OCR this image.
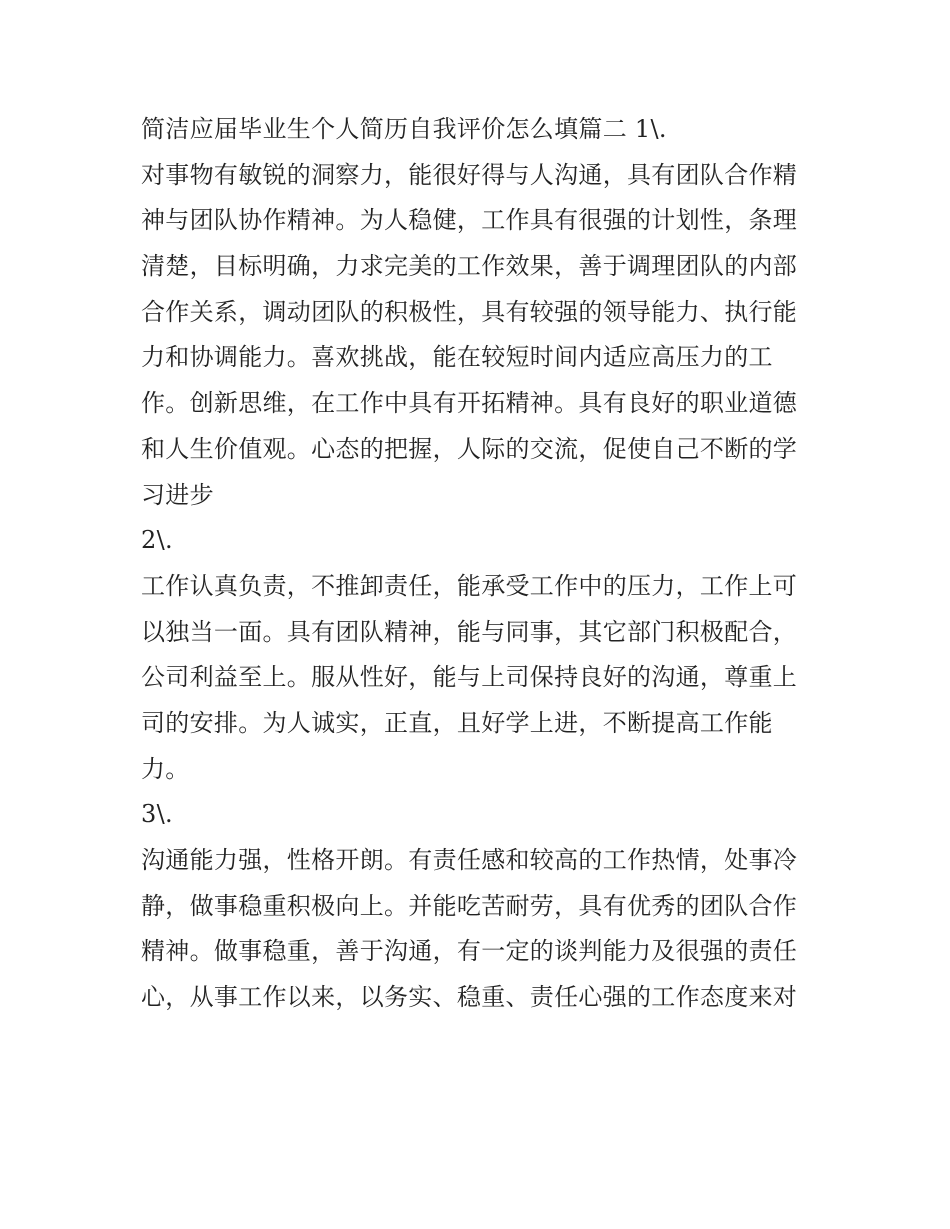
简洁应届毕业生个人简历自我评价怎么填篇二 1\.
对事物有敏锐的洞察力，能很好得与人沟通，具有团队合作精
神与团队协作精神。为人稳健，工作具有很强的计划性，条理
清楚，目标明确，力求完美的工作效果，善于调理团队的内部
合作关系，调动团队的积极性，具有较强的领导能力、执行能
力和协调能力。喜欢挑战，能在较短时间内适应高压力的工
作。创新思维，在工作中具有开拓精神。具有良好的职业道德
和人生价值观。心态的把握，人际的交流，促使自己不断的学
习进步
2\.
工作认真负责，不推卸责任，能承受工作中的压力，工作上可
以独当一面。具有团队精神，能与同事，其它部门积极配合，
公司利益至上。服从性好，能与上司保持良好的沟通，尊重上
司的安排。为人诚实，正直，且好学上进，不断提高工作能
力。
3\.
沟通能力强，性格开朗。有责任感和较高的工作热情，处事冷
静，做事稳重积极向上。并能吃苦耐劳，具有优秀的团队合作
精神。做事稳重，善于沟通，有一定的谈判能力及很强的责任
心，从事工作以来，以务实、稳重、责任心强的工作态度来对
